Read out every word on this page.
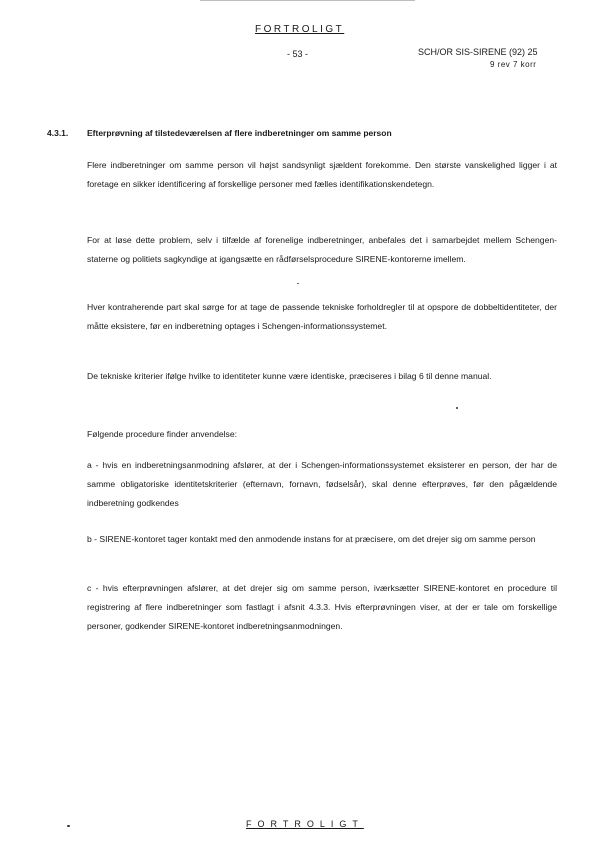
FORTROLIGT
- 53 -	SCH/OR SIS-SIRENE (92) 25
9 rev 7 korr
4.3.1. Efterprøvning af tilstedeværelsen af flere indberetninger om samme person
Flere indberetninger om samme person vil højst sandsynligt sjældent forekomme. Den største vanskelighed ligger i at foretage en sikker identificering af forskellige personer med fælles identifikationskendetegn.
For at løse dette problem, selv i tilfælde af forenelige indberetninger, anbefales det i samarbejdet mellem Schengen-staterne og politiets sagkyndige at igangsætte en rådførselsprocedure SIRENE-kontorerne imellem.
Hver kontraherende part skal sørge for at tage de passende tekniske forholdregler til at opspore de dobbeltidentiteter, der måtte eksistere, før en indberetning optages i Schengen-informationssystemet.
De tekniske kriterier ifølge hvilke to identiteter kunne være identiske, præciseres i bilag 6 til denne manual.
Følgende procedure finder anvendelse:
a - hvis en indberetningsanmodning afslører, at der i Schengen-informationssystemet eksisterer en person, der har de samme obligatoriske identitetskriterier (efternavn, fornavn, fødselsår), skal denne efterprøves, før den pågældende indberetning godkendes
b - SIRENE-kontoret tager kontakt med den anmodende instans for at præcisere, om det drejer sig om samme person
c - hvis efterprøvningen afslører, at det drejer sig om samme person, iværksætter SIRENE-kontoret en procedure til registrering af flere indberetninger som fastlagt i afsnit 4.3.3. Hvis efterprøvningen viser, at der er tale om forskellige personer, godkender SIRENE-kontoret indberetningsanmodningen.
FORTROLIGT
